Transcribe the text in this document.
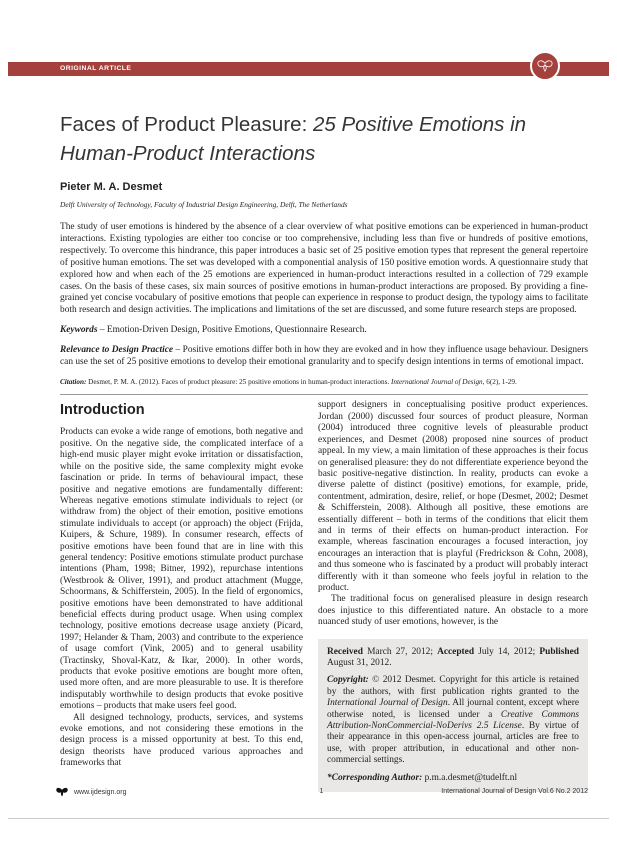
ORIGINAL ARTICLE
Faces of Product Pleasure: 25 Positive Emotions in Human-Product Interactions
Pieter M. A. Desmet
Delft University of Technology, Faculty of Industrial Design Engineering, Delft, The Netherlands

The study of user emotions is hindered by the absence of a clear overview of what positive emotions can be experienced in human-product interactions. Existing typologies are either too concise or too comprehensive, including less than five or hundreds of positive emotions, respectively. To overcome this hindrance, this paper introduces a basic set of 25 positive emotion types that represent the general repertoire of positive human emotions. The set was developed with a componential analysis of 150 positive emotion words. A questionnaire study that explored how and when each of the 25 emotions are experienced in human-product interactions resulted in a collection of 729 example cases. On the basis of these cases, six main sources of positive emotions in human-product interactions are proposed. By providing a fine-grained yet concise vocabulary of positive emotions that people can experience in response to product design, the typology aims to facilitate both research and design activities. The implications and limitations of the set are discussed, and some future research steps are proposed.

Keywords – Emotion-Driven Design, Positive Emotions, Questionnaire Research.

Relevance to Design Practice – Positive emotions differ both in how they are evoked and in how they influence usage behaviour. Designers can use the set of 25 positive emotions to develop their emotional granularity and to specify design intentions in terms of emotional impact.

Citation: Desmet, P. M. A. (2012). Faces of product pleasure: 25 positive emotions in human-product interactions. International Journal of Design, 6(2), 1-29.

Introduction

Products can evoke a wide range of emotions, both negative and positive. On the negative side, the complicated interface of a high-end music player might evoke irritation or dissatisfaction, while on the positive side, the same complexity might evoke fascination or pride. In terms of behavioural impact, these positive and negative emotions are fundamentally different: Whereas negative emotions stimulate individuals to reject (or withdraw from) the object of their emotion, positive emotions stimulate individuals to accept (or approach) the object (Frijda, Kuipers, & Schure, 1989). In consumer research, effects of positive emotions have been found that are in line with this general tendency: Positive emotions stimulate product purchase intentions (Pham, 1998; Bitner, 1992), repurchase intentions (Westbrook & Oliver, 1991), and product attachment (Mugge, Schoormans, & Schifferstein, 2005). In the field of ergonomics, positive emotions have been demonstrated to have additional beneficial effects during product usage. When using complex technology, positive emotions decrease usage anxiety (Picard, 1997; Helander & Tham, 2003) and contribute to the experience of usage comfort (Vink, 2005) and to general usability (Tractinsky, Shoval-Katz, & Ikar, 2000). In other words, products that evoke positive emotions are bought more often, used more often, and are more pleasurable to use. It is therefore indisputably worthwhile to design products that evoke positive emotions – products that make users feel good.

All designed technology, products, services, and systems evoke emotions, and not considering these emotions in the design process is a missed opportunity at best. To this end, design theorists have produced various approaches and frameworks that

support designers in conceptualising positive product experiences. Jordan (2000) discussed four sources of product pleasure, Norman (2004) introduced three cognitive levels of pleasurable product experiences, and Desmet (2008) proposed nine sources of product appeal. In my view, a main limitation of these approaches is their focus on generalised pleasure: they do not differentiate experience beyond the basic positive-negative distinction. In reality, products can evoke a diverse palette of distinct (positive) emotions, for example, pride, contentment, admiration, desire, relief, or hope (Desmet, 2002; Desmet & Schifferstein, 2008). Although all positive, these emotions are essentially different – both in terms of the conditions that elicit them and in terms of their effects on human-product interaction. For example, whereas fascination encourages a focused interaction, joy encourages an interaction that is playful (Fredrickson & Cohn, 2008), and thus someone who is fascinated by a product will probably interact differently with it than someone who feels joyful in relation to the product.

The traditional focus on generalised pleasure in design research does injustice to this differentiated nature. An obstacle to a more nuanced study of user emotions, however, is the

Received March 27, 2012; Accepted July 14, 2012; Published August 31, 2012.

Copyright: © 2012 Desmet. Copyright for this article is retained by the authors, with first publication rights granted to the International Journal of Design. All journal content, except where otherwise noted, is licensed under a Creative Commons Attribution-NonCommercial-NoDerivs 2.5 License. By virtue of their appearance in this open-access journal, articles are free to use, with proper attribution, in educational and other non-commercial settings.

*Corresponding Author: p.m.a.desmet@tudelft.nl

www.ijdesign.org	1	International Journal of Design Vol.6 No.2 2012
